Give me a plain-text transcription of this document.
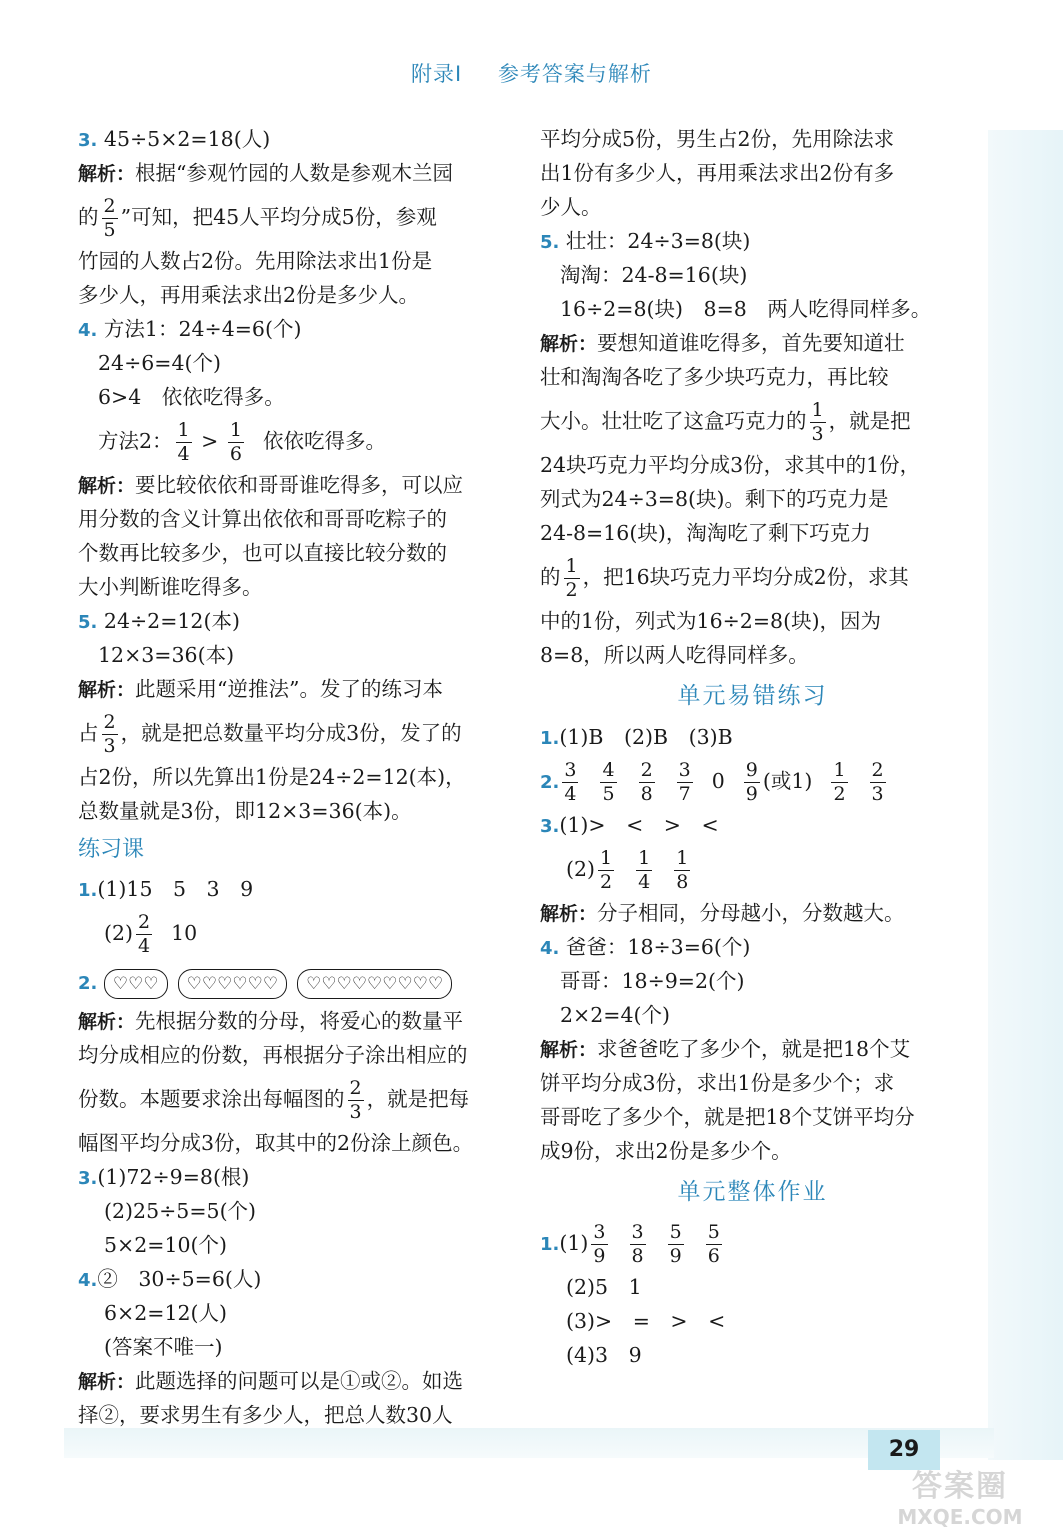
附录Ⅰ 参考答案与解析
3. 45÷5×2=18(人)
解析：根据“参观竹园的人数是参观木兰园
的 $\frac{2}{5}$ ”可知，把45人平均分成5份，参观
竹园的人数占2份。先用除法求出1份是
多少人，再用乘法求出2份是多少人。
4. 方法1：24÷4=6(个)
24÷6=4(个)
6>4　依依吃得多。
方法2： $\frac{1}{4} > \frac{1}{6}$ 依依吃得多。
解析：要比较依依和哥哥谁吃得多，可以应
用分数的含义计算出依依和哥哥吃粽子的
个数再比较多少，也可以直接比较分数的
大小判断谁吃得多。
5. 24÷2=12(本)
12×3=36(本)
解析：此题采用“逆推法”。发了的练习本
占 $\frac{2}{3}$ ，就是把总数量平均分成3份，发了的
占2份，所以先算出1份是24÷2=12(本)，
总数量就是3份，即12×3=36(本)。
练习课
1.(1)15　5　3　9
$(2) \frac{2}{4} 10$
2. ♡♡♡	♡♡♡♡♡♡	♡♡♡♡♡♡♡♡♡
解析：先根据分数的分母，将爱心的数量平
均分成相应的份数，再根据分子涂出相应的
份数。本题要求涂出每幅图的 $\frac{2}{3}$ ，就是把每
幅图平均分成3份，取其中的2份涂上颜色。
3.(1)72÷9=8(根)
(2)25÷5=5(个)
5×2=10(个)
4.②　30÷5=6(人)
6×2=12(人)
(答案不唯一)
解析：此题选择的问题可以是①或②。如选
择②，要求男生有多少人，把总人数30人
平均分成5份，男生占2份，先用除法求
出1份有多少人，再用乘法求出2份有多
少人。
5. 壮壮：24÷3=8(块)
淘淘：24-8=16(块)
16÷2=8(块)　8=8　两人吃得同样多。
解析：要想知道谁吃得多，首先要知道壮
壮和淘淘各吃了多少块巧克力，再比较
大小。壮壮吃了这盒巧克力的 $\frac{1}{3}$ ，就是把
24块巧克力平均分成3份，求其中的1份，
列式为24÷3=8(块)。剩下的巧克力是
24-8=16(块)，淘淘吃了剩下巧克力
的 $\frac{1}{2}$ ，把16块巧克力平均分成2份，求其
中的1份，列式为16÷2=8(块)，因为
8=8，所以两人吃得同样多。
单元易错练习
1.(1)B　(2)B　(3)B
2. $\frac{3}{4} \frac{4}{5} \frac{2}{8} \frac{3}{7} 0 \frac{9}{9}$ (或$1) \frac{1}{2} \frac{2}{3}$
3.(1)>　<　>　<
$(2) \frac{1}{2} \frac{1}{4} \frac{1}{8}$
解析：分子相同，分母越小，分数越大。
4. 爸爸：18÷3=6(个)
哥哥：18÷9=2(个)
2×2=4(个)
解析：求爸爸吃了多少个，就是把18个艾
饼平均分成3份，求出1份是多少个；求
哥哥吃了多少个，就是把18个艾饼平均分
成9份，求出2份是多少个。
单元整体作业
$1.(1) \frac{3}{9} \frac{3}{8} \frac{5}{9} \frac{5}{6}$
(2)5　1
(3)>　=　>　<
(4)3　9
29
答案圈
MXQE.COM
